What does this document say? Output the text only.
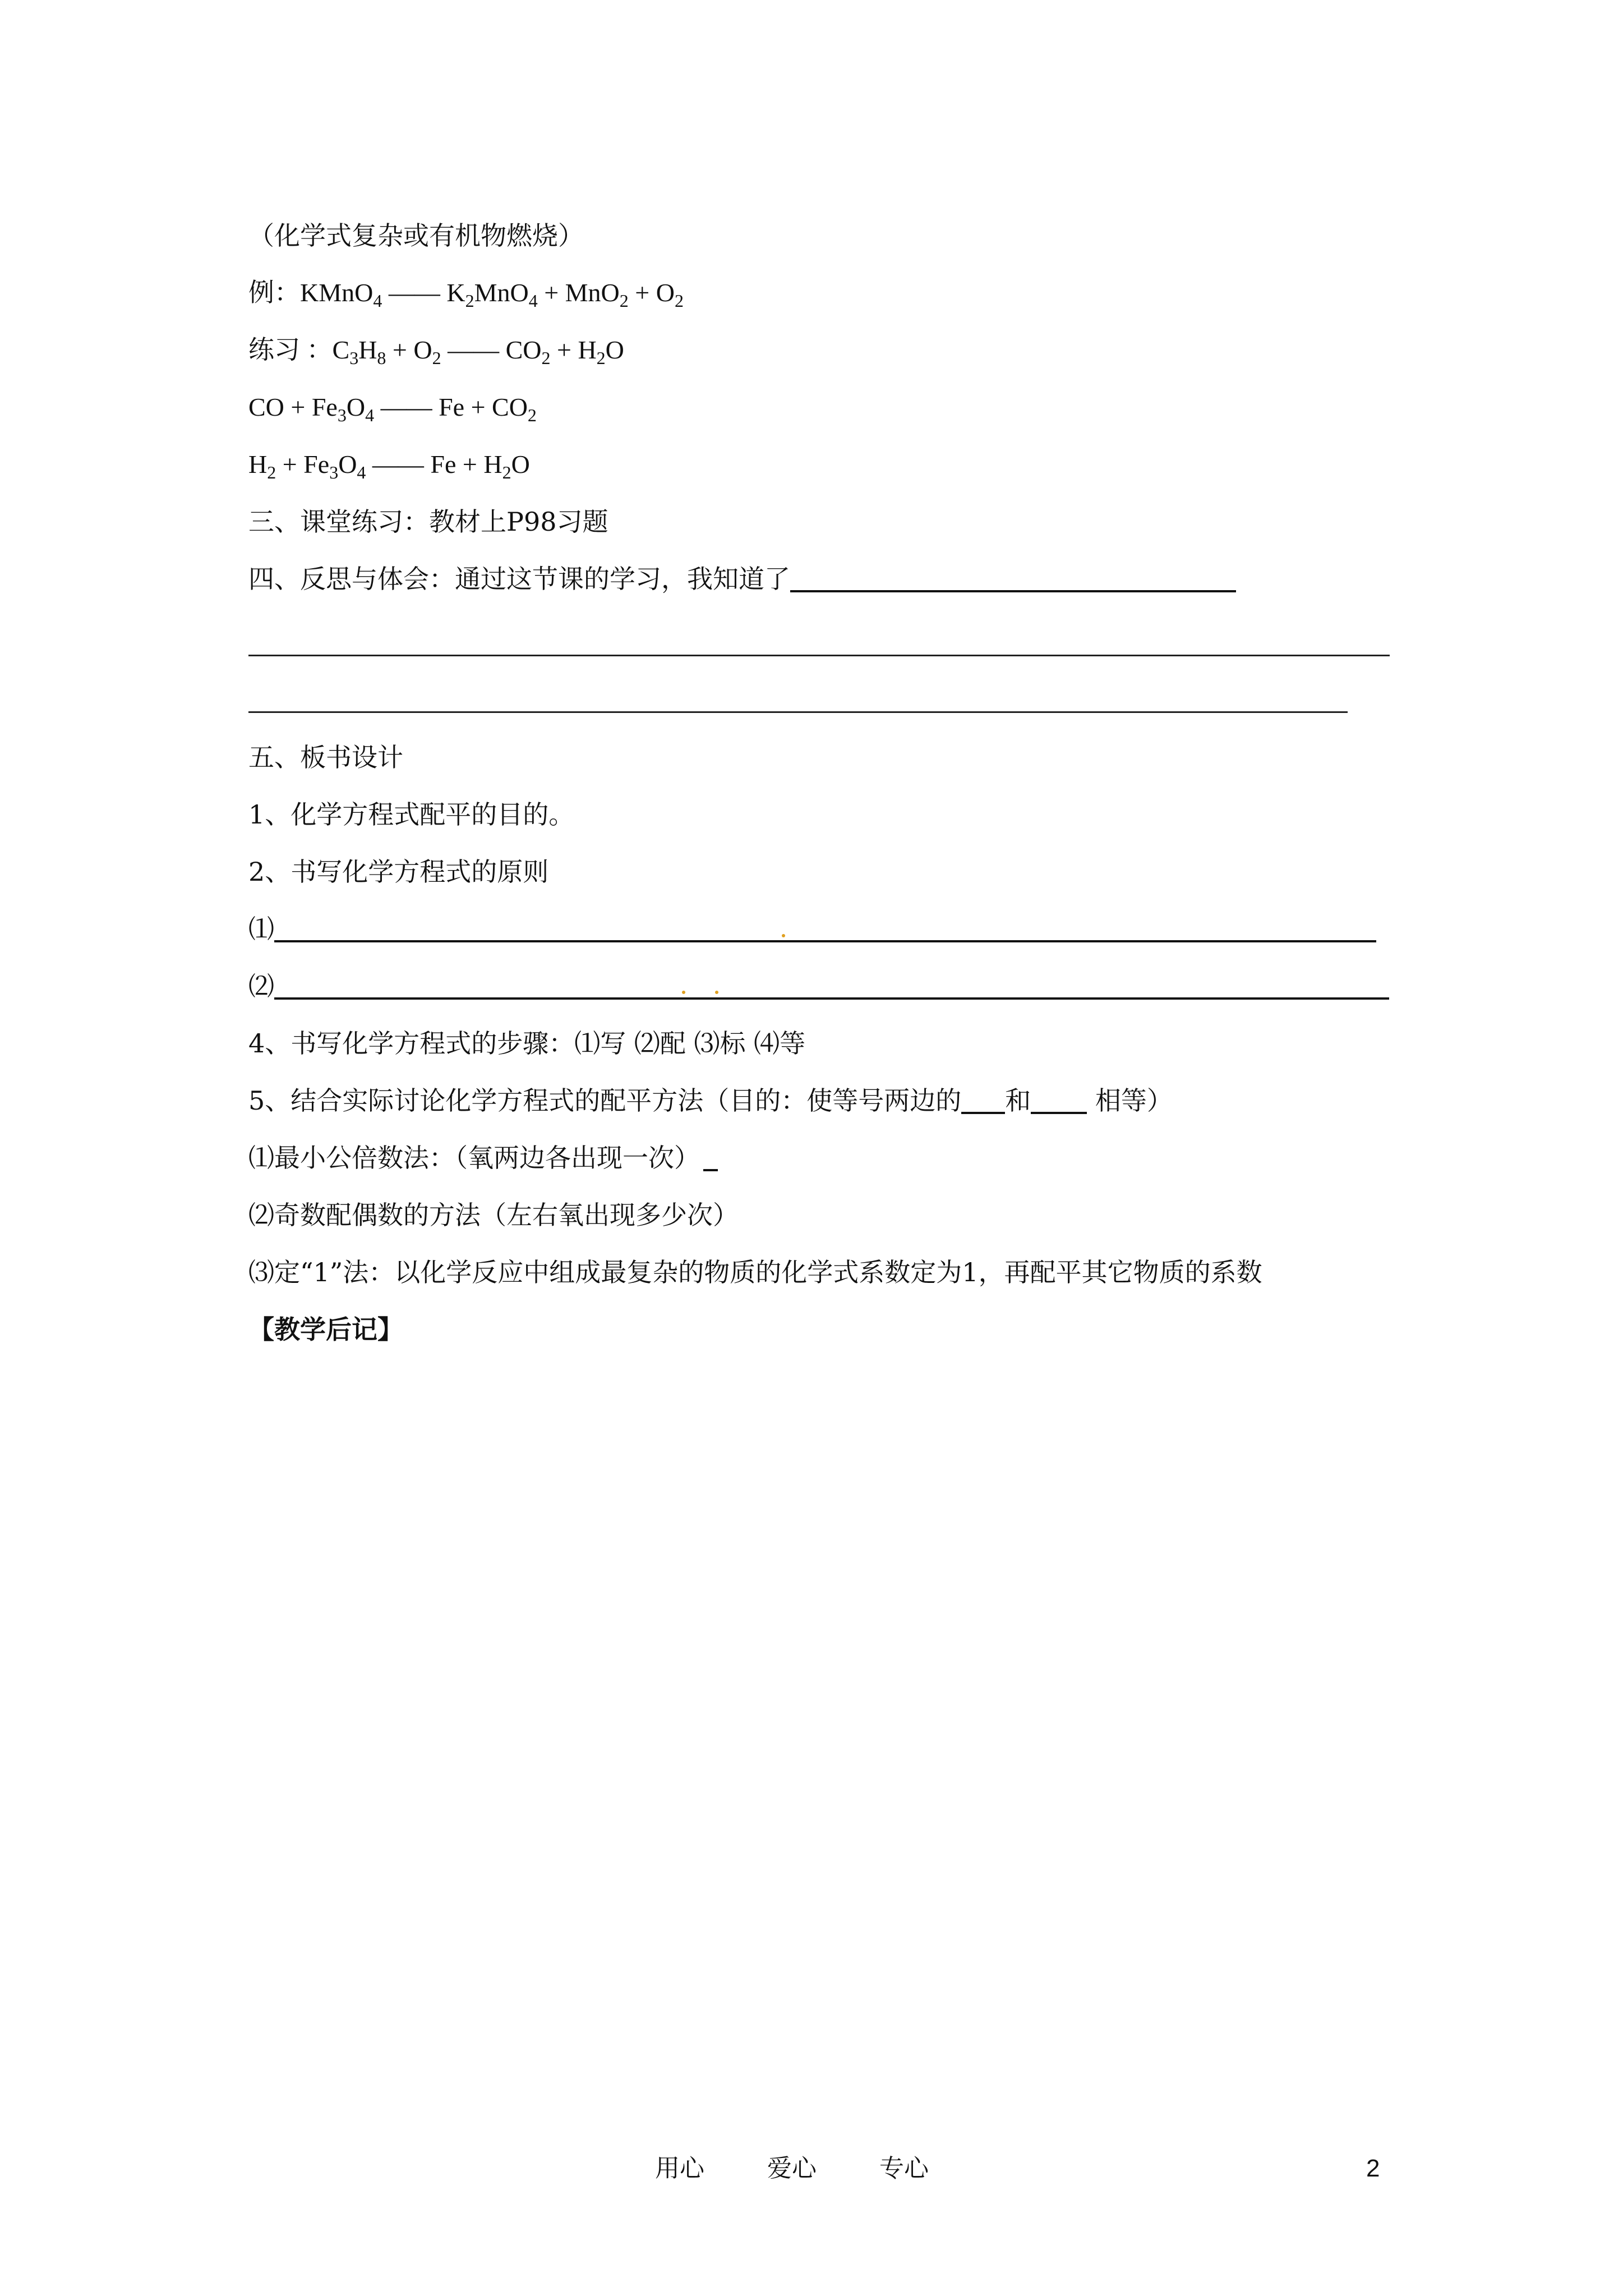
（化学式复杂或有机物燃烧）
例：KMnO$_4$ —— $K_2MnO_4 + MnO_2 + O_2$
练习 ：$C_3H_8 + O_2$ —— $CO_2 + H_2O$
CO + $Fe_3O_4$ —— $Fe + CO_2$
$H_2 + Fe_3O_4$ —— $Fe + H_2O$
三、课堂练习：教材上P98习题
四、反思与体会：通过这节课的学习，我知道了
五、板书设计
1、化学方程式配平的目的。
2、书写化学方程式的原则
⑴
⑵
4、书写化学方程式的步骤：⑴写 ⑵配 ⑶标 ⑷等
5、结合实际讨论化学方程式的配平方法（目的：使等号两边的 和 相等）
⑴最小公倍数法：（氧两边各出现一次）
⑵奇数配偶数的方法（左右氧出现多少次）
⑶定“1”法：以化学反应中组成最复杂的物质的化学式系数定为1，再配平其它物质的系数
【教学后记】
用心	爱心	专心	2
